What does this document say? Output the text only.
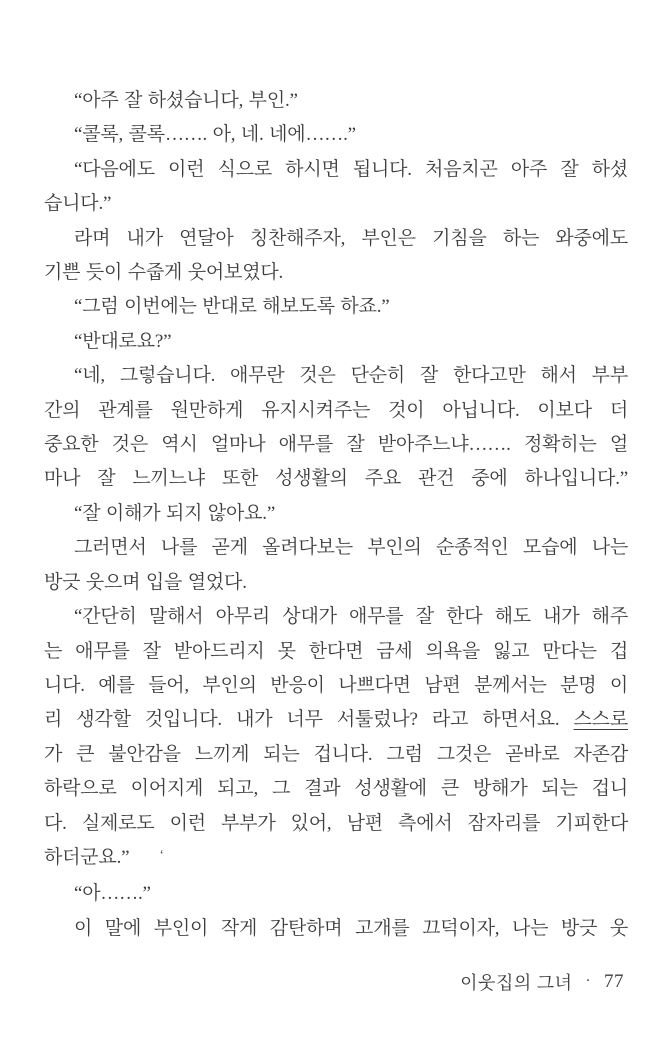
“아주 잘 하셨습니다, 부인.”
“콜록, 콜록……. 아, 네. 네에…….”
“다음에도 이런 식으로 하시면 됩니다. 처음치곤 아주 잘 하셨
습니다.”
라며 내가 연달아 칭찬해주자, 부인은 기침을 하는 와중에도
기쁜 듯이 수줍게 웃어보였다.
“그럼 이번에는 반대로 해보도록 하죠.”
“반대로요?”
“네, 그렇습니다. 애무란 것은 단순히 잘 한다고만 해서 부부
간의 관계를 원만하게 유지시켜주는 것이 아닙니다. 이보다 더
중요한 것은 역시 얼마나 애무를 잘 받아주느냐……. 정확히는 얼
마나 잘 느끼느냐 또한 성생활의 주요 관건 중에 하나입니다.”
“잘 이해가 되지 않아요.”
그러면서 나를 곧게 올려다보는 부인의 순종적인 모습에 나는
방긋 웃으며 입을 열었다.
“간단히 말해서 아무리 상대가 애무를 잘 한다 해도 내가 해주
는 애무를 잘 받아드리지 못 한다면 금세 의욕을 잃고 만다는 겁
니다. 예를 들어, 부인의 반응이 나쁘다면 남편 분께서는 분명 이
리 생각할 것입니다. 내가 너무 서툴렀나? 라고 하면서요. 스스로
가 큰 불안감을 느끼게 되는 겁니다. 그럼 그것은 곧바로 자존감
하락으로 이어지게 되고, 그 결과 성생활에 큰 방해가 되는 겁니
다. 실제로도 이런 부부가 있어, 남편 측에서 잠자리를 기피한다
하더군요.” ʻ
“아…….”
이 말에 부인이 작게 감탄하며 고개를 끄덕이자, 나는 방긋 웃
이웃집의 그녀 · 77
